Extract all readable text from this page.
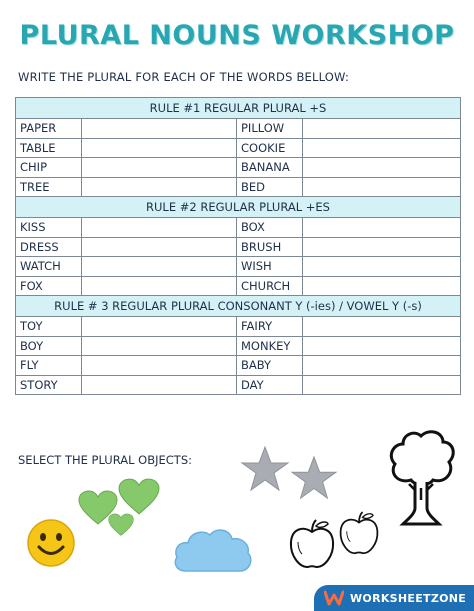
PLURAL NOUNS WORKSHOP
WRITE THE PLURAL FOR EACH OF THE WORDS BELLOW:
RULE #1 REGULAR PLURAL +S			
PAPER		PILLOW	
TABLE		COOKIE	
CHIP		BANANA	
TREE		BED	
RULE #2 REGULAR PLURAL +ES			
KISS		BOX	
DRESS		BRUSH	
WATCH		WISH	
FOX		CHURCH	
RULE # 3 REGULAR PLURAL CONSONANT Y (-ies) / VOWEL Y (-s)			
TOY		FAIRY	
BOY		MONKEY	
FLY		BABY	
STORY		DAY	
SELECT THE PLURAL OBJECTS:
WORKSHEETZONE
